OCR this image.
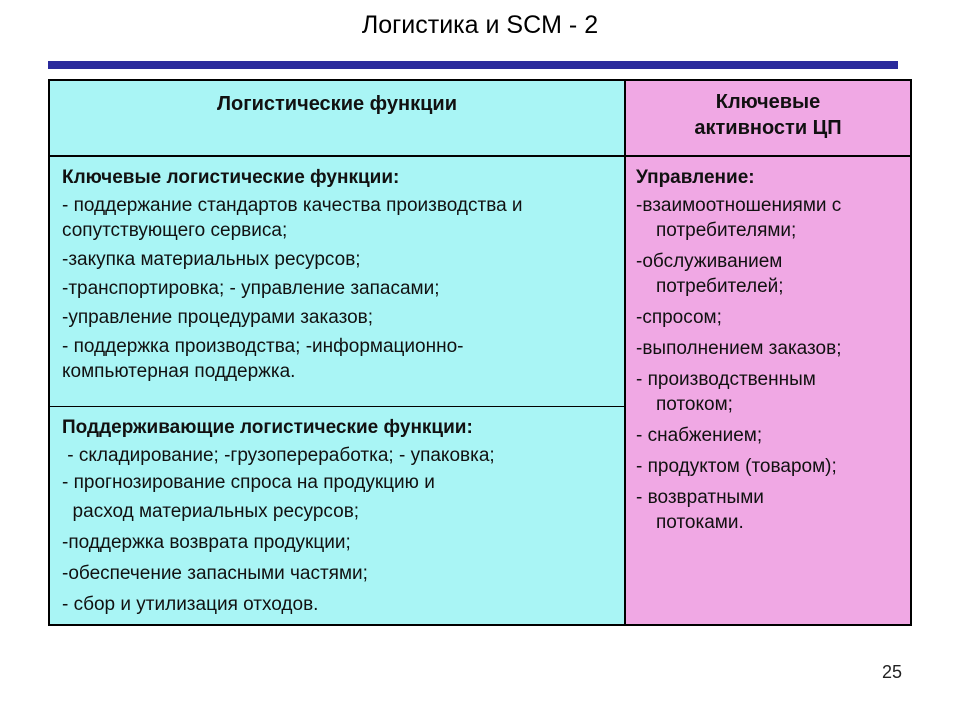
Логистика и SCM - 2
Логистические функции	Ключевые активности ЦП
Ключевые логистические функции:
- поддержание стандартов качества производства и сопутствующего сервиса;
-закупка материальных ресурсов;
-транспортировка; - управление запасами;
-управление процедурами заказов;
- поддержка производства; -информационно-компьютерная поддержка.
Поддерживающие логистические функции:
- складирование; -грузопереработка; - упаковка;
- прогнозирование спроса на продукцию и
расход материальных ресурсов;
-поддержка возврата продукции;
-обеспечение запасными частями;
- сбор и утилизация отходов.
Управление:
-взаимоотношениями с
потребителями;
-обслуживанием
потребителей;
-спросом;
-выполнением заказов;
- производственным
потоком;
- снабжением;
- продуктом (товаром);
- возвратными
потоками.
25
